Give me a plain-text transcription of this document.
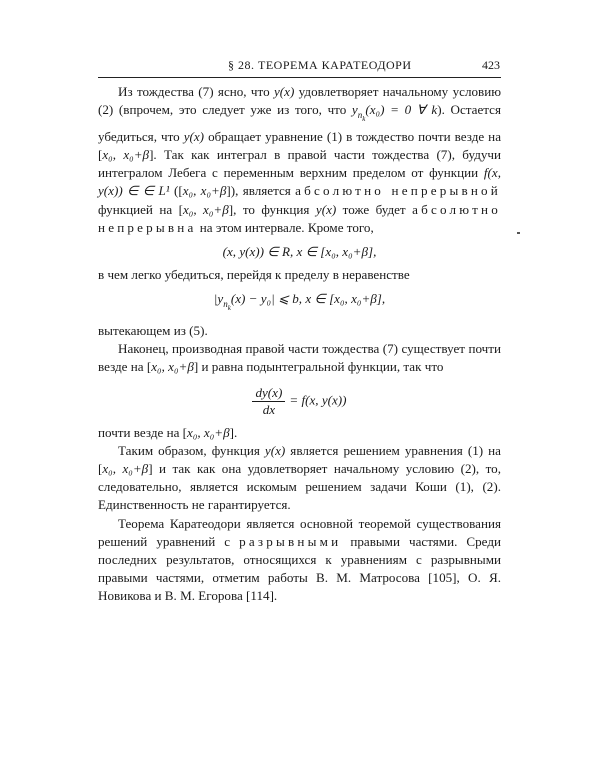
§ 28. ТЕОРЕМА КАРАТЕОДОРИ	423

Из тождества (7) ясно, что y(x) удовлетворяет начальному условию (2) (впрочем, это следует уже из того, что $y_{n_k}(x_0) = 0$ ∀ k). Остается убедиться, что y(x) обращает уравнение (1) в тождество почти везде на [x₀, x₀+β]. Так как интеграл в правой части тождества (7), будучи интегралом Лебега с переменным верхним пределом от функции f(x, y(x)) ∈ ∈ L¹ ([x₀, x₀+β]), является абсолютно непрерывной функцией на [x₀, x₀+β], то функция y(x) тоже будет абсолютно непрерывна на этом интервале. Кроме того,

(x, y(x)) ∈ R, x ∈ [x₀, x₀+β],

в чем легко убедиться, перейдя к пределу в неравенстве

$|y_{n_k}(x) - y_0|$ ⩽ b, x ∈ [x₀, x₀+β],

вытекающем из (5).

Наконец, производная правой части тождества (7) существует почти везде на [x₀, x₀+β] и равна подынтегральной функции, так что

$\frac{dy(x)}{dx} = f(x$, y(x))

почти везде на [x₀, x₀+β].

Таким образом, функция y(x) является решением уравнения (1) на [x₀, x₀+β] и так как она удовлетворяет начальному условию (2), то, следовательно, является искомым решением задачи Коши (1), (2). Единственность не гарантируется.

Теорема Каратеодори является основной теоремой существования решений уравнений с разрывными правыми частями. Среди последних результатов, относящихся к уравнениям с разрывными правыми частями, отметим работы В. М. Матросова [105], О. Я. Новикова и В. М. Егорова [114].
